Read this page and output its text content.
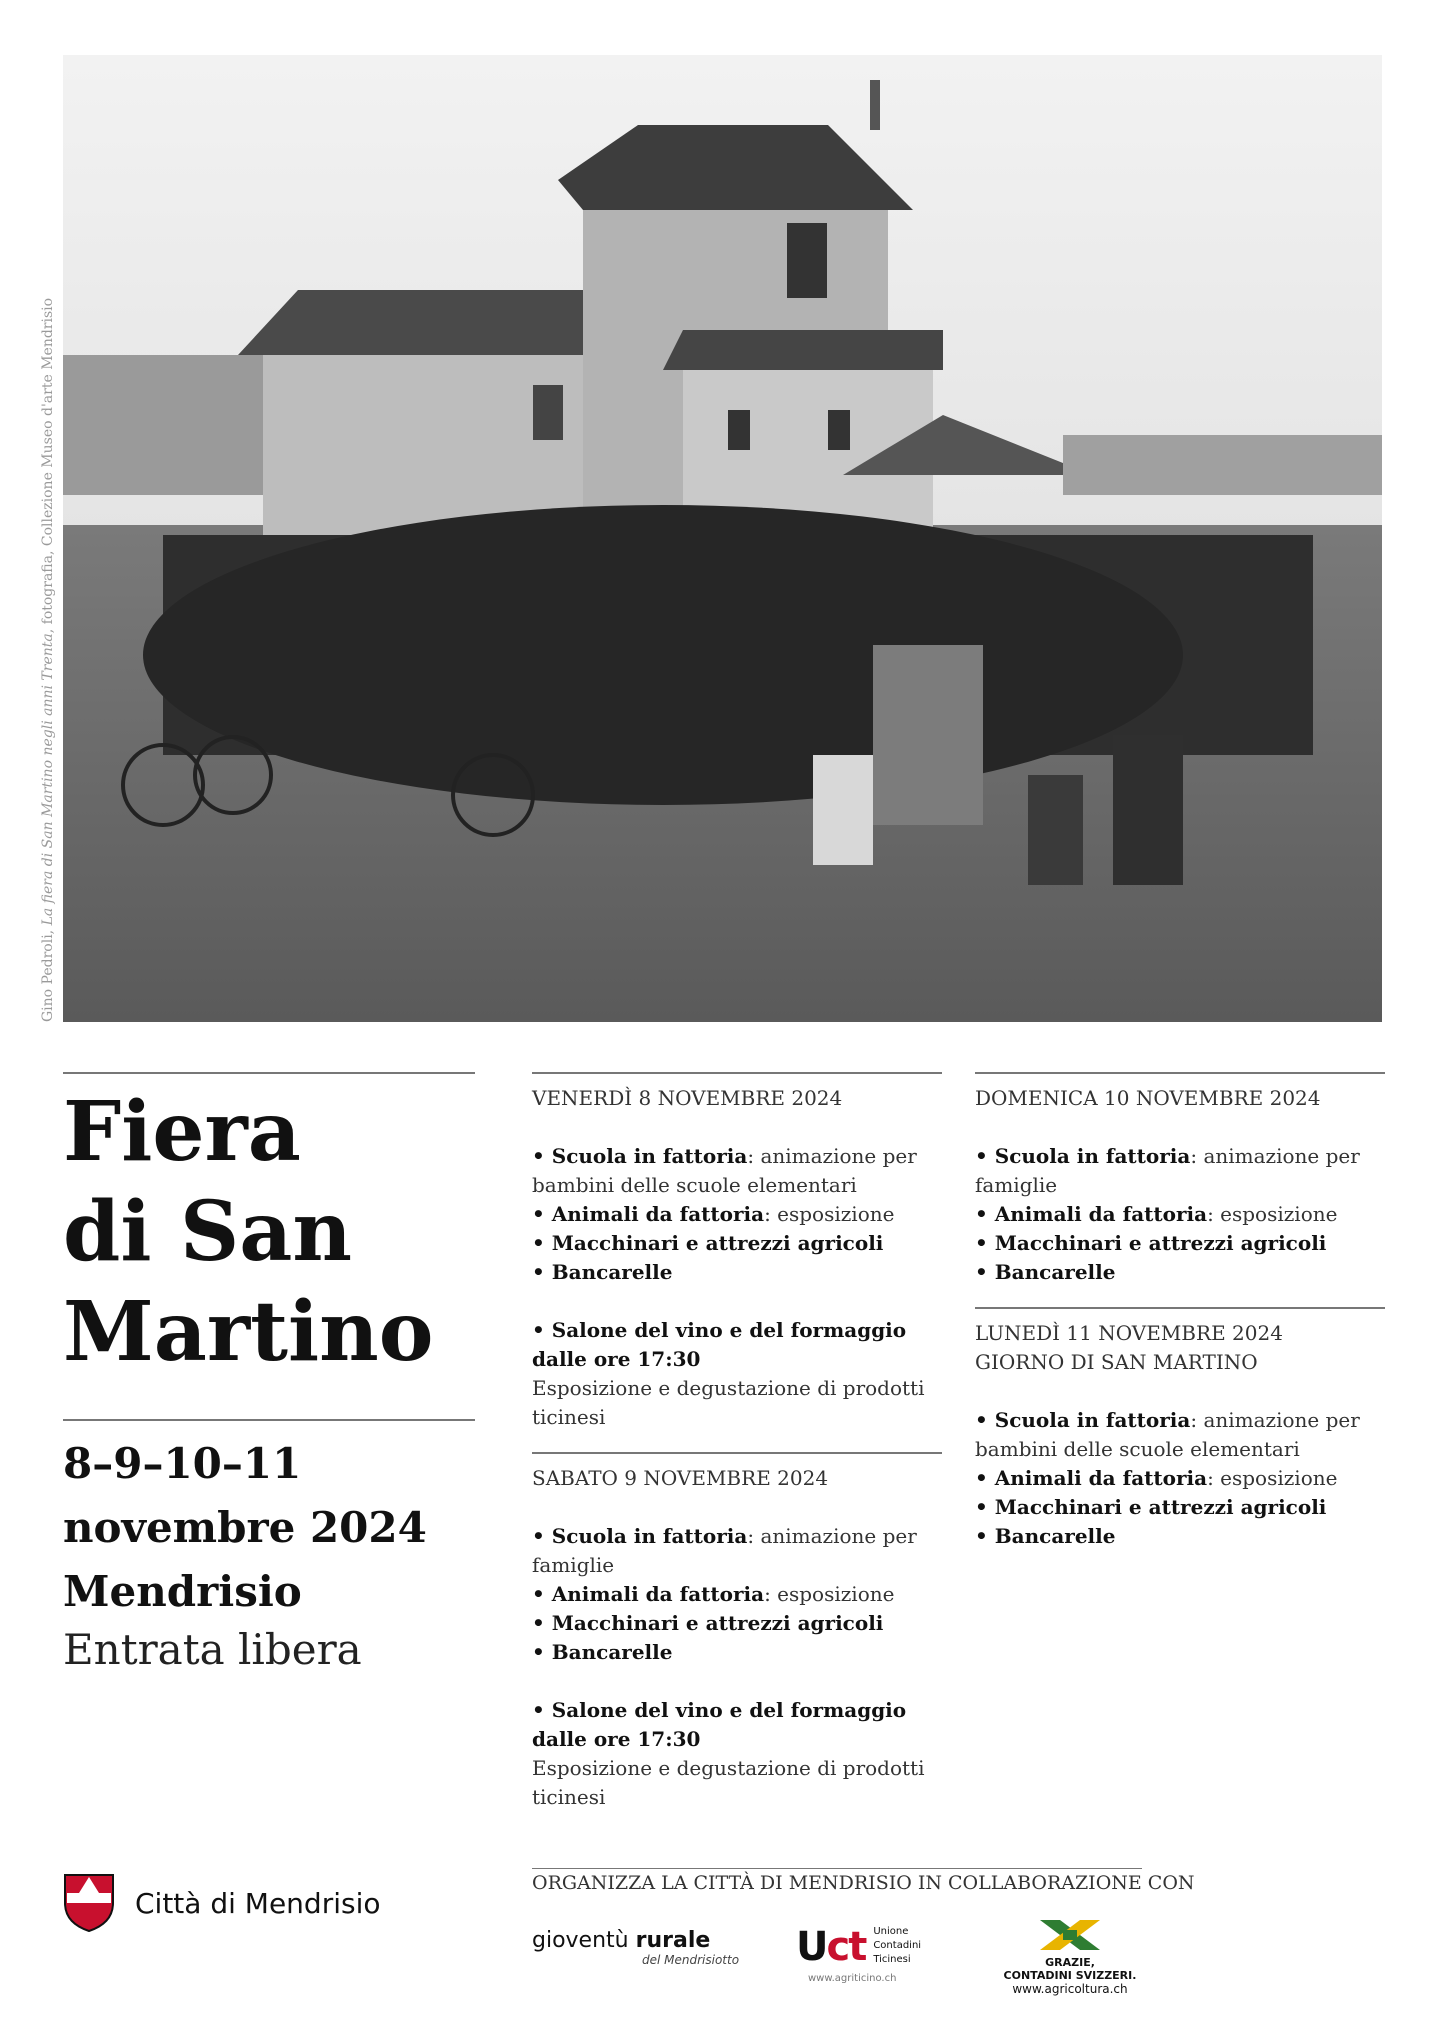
Gino Pedroli, La fiera di San Martino negli anni Trenta, fotografia, Collezione Museo d'arte Mendrisio
Fiera
di San
Martino
8–9–10–11
novembre 2024
Mendrisio
Entrata libera
VENERDÌ 8 NOVEMBRE 2024
• Scuola in fattoria: animazione per bambini delle scuole elementari
• Animali da fattoria: esposizione
• Macchinari e attrezzi agricoli
• Bancarelle
• Salone del vino e del formaggio dalle ore 17:30
Esposizione e degustazione di prodotti ticinesi
SABATO 9 NOVEMBRE 2024
• Scuola in fattoria: animazione per famiglie
• Animali da fattoria: esposizione
• Macchinari e attrezzi agricoli
• Bancarelle
• Salone del vino e del formaggio dalle ore 17:30
Esposizione e degustazione di prodotti ticinesi
DOMENICA 10 NOVEMBRE 2024
• Scuola in fattoria: animazione per famiglie
• Animali da fattoria: esposizione
• Macchinari e attrezzi agricoli
• Bancarelle
LUNEDÌ 11 NOVEMBRE 2024
GIORNO DI SAN MARTINO
• Scuola in fattoria: animazione per bambini delle scuole elementari
• Animali da fattoria: esposizione
• Macchinari e attrezzi agricoli
• Bancarelle
Città di Mendrisio
ORGANIZZA LA CITTÀ DI MENDRISIO IN COLLABORAZIONE CON
gioventù rurale
del Mendrisiotto Uct Unione
Contadini
Ticinesi
www.agriticino.ch
GRAZIE,
CONTADINI SVIZZERI.
www.agricoltura.ch
